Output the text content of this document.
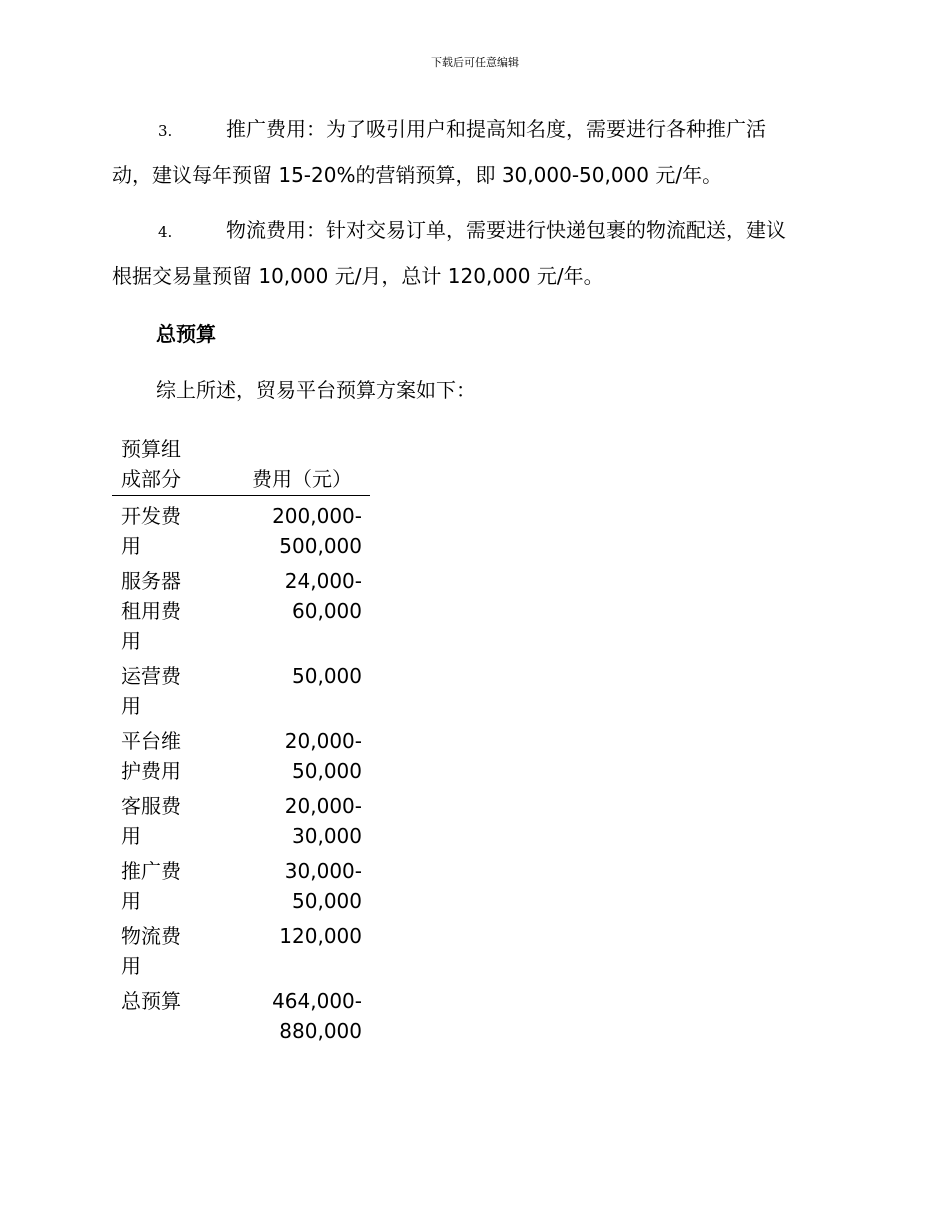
下载后可任意编辑
3.	推广费用：为了吸引用户和提高知名度，需要进行各种推广活
动，建议每年预留 15-20%的营销预算，即 30,000-50,000 元/年。
4.	物流费用：针对交易订单，需要进行快递包裹的物流配送，建议
根据交易量预留 10,000 元/月，总计 120,000 元/年。
总预算
综上所述，贸易平台预算方案如下：
预算组成部分	费用（元）
开发费用	200,000-
500,000

服务器租用费用	24,000-
60,000

运营费用	50,000

平台维护费用	20,000-
50,000

客服费用	20,000-
30,000

推广费用	30,000-
50,000

物流费用	120,000

总预算	464,000-
880,000
